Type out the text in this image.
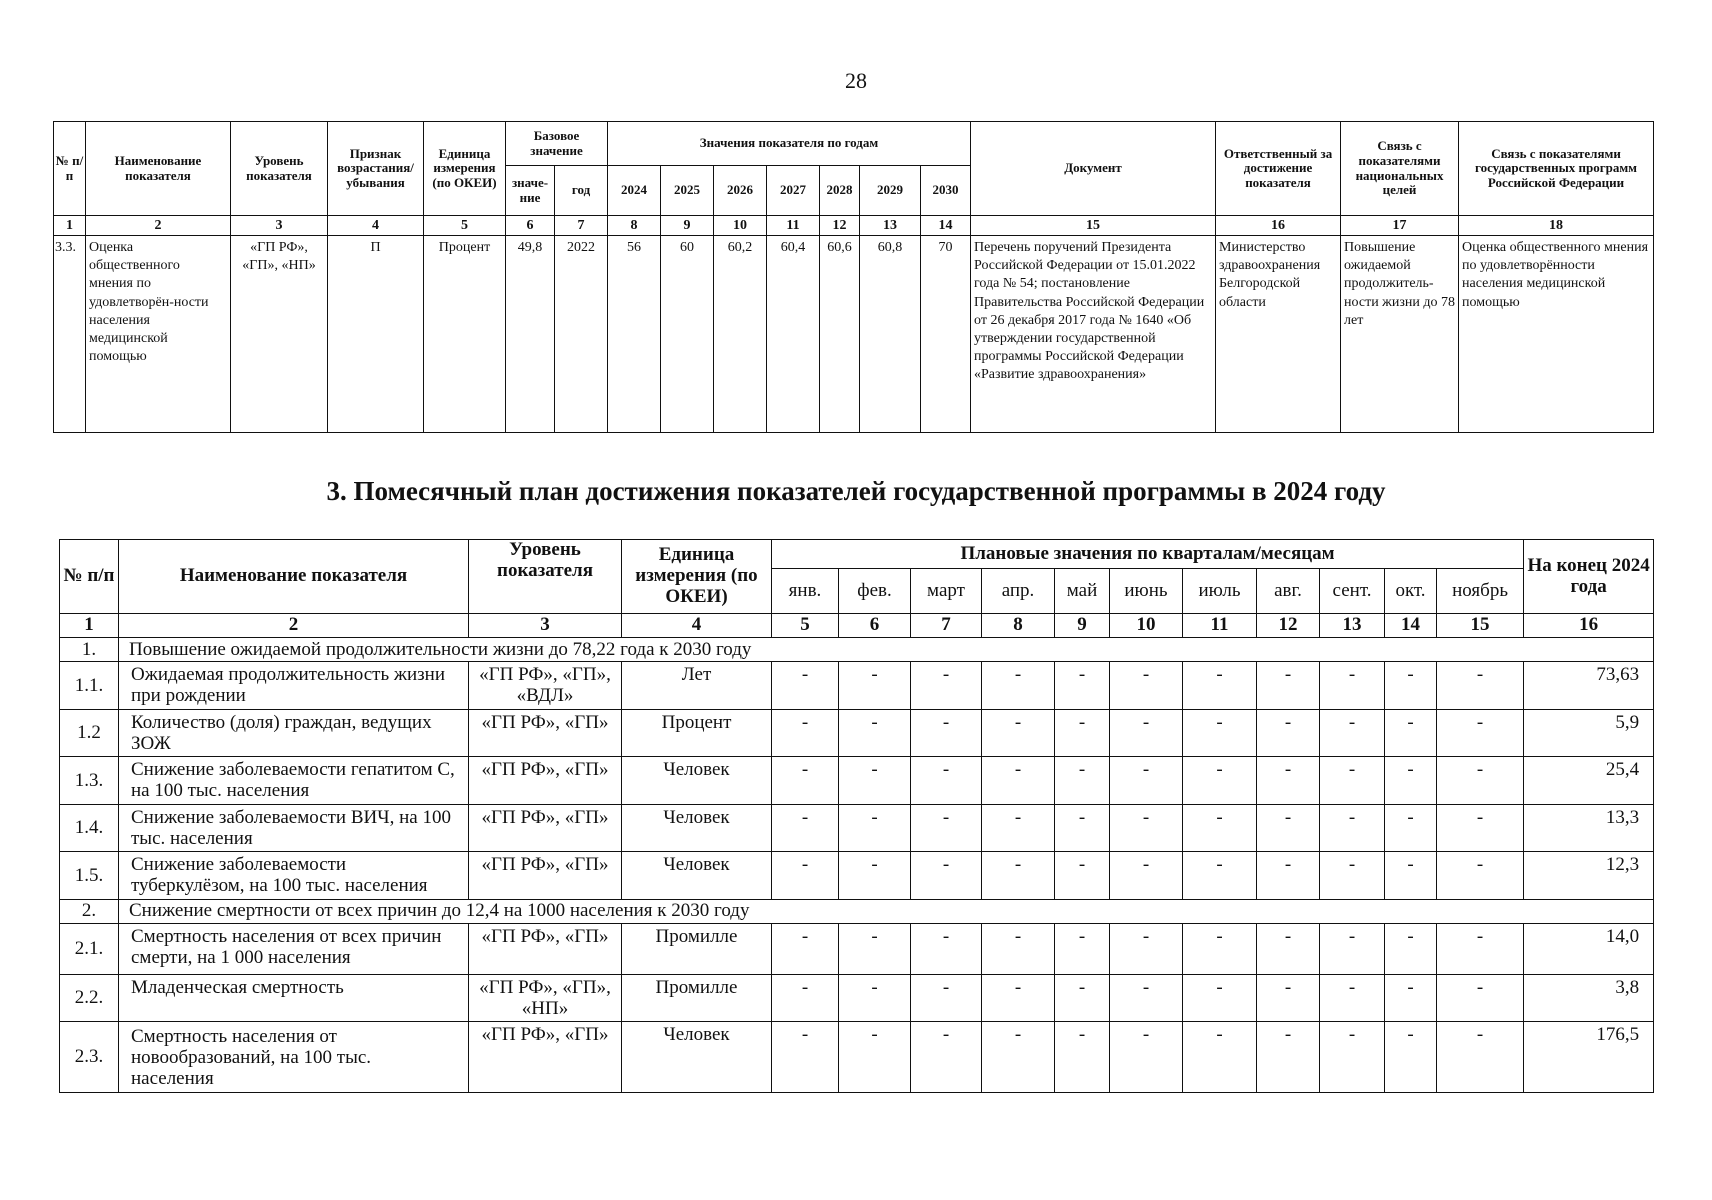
28
№ п/п	Наименование показателя	Уровень показателя	Признак возрастания/ убывания	Единица измерения (по ОКЕИ)	Базовое значение		Значения показателя по годам							Документ	Ответственный за достижение показателя	Связь с показателями национальных целей	Связь с показателями государственных программ Российской Федерации
					значе-ние	год	2024	2025	2026	2027	2028	2029	2030				
1	2	3	4	5	6	7	8	9	10	11	12	13	14	15	16	17	18
3.3.	Оценка общественного мнения по удовлетворён-ности населения медицинской помощью	«ГП РФ», «ГП», «НП»	П	Процент	49,8	2022	56	60	60,2	60,4	60,6	60,8	70	Перечень поручений Президента Российской Федерации от 15.01.2022 года № 54; постановление Правительства Российской Федерации от 26 декабря 2017 года № 1640 «Об утверждении государственной программы Российской Федерации «Развитие здравоохранения»	Министерство здравоохранения Белгородской области	Повышение ожидаемой продолжитель-ности жизни до 78 лет	Оценка общественного мнения по удовлетворённости населения медицинской помощью
3. Помесячный план достижения показателей государственной программы в 2024 году
№ п/п	Наименование показателя	Уровень показателя	Единица измерения (по ОКЕИ)	Плановые значения по кварталам/месяцам											На конец 2024 года
				янв.	фев.	март	апр.	май	июнь	июль	авг.	сент.	окт.	ноябрь	
1	2	3	4	5	6	7	8	9	10	11	12	13	14	15	16
1.	Повышение ожидаемой продолжительности жизни до 78,22 года к 2030 году														
1.1.	Ожидаемая продолжительность жизни при рождении	«ГП РФ», «ГП», «ВДЛ»	Лет	-	-	-	-	-	-	-	-	-	-	-	73,63
1.2	Количество (доля) граждан, ведущих ЗОЖ	«ГП РФ», «ГП»	Процент	-	-	-	-	-	-	-	-	-	-	-	5,9
1.3.	Снижение заболеваемости гепатитом С, на 100 тыс. населения	«ГП РФ», «ГП»	Человек	-	-	-	-	-	-	-	-	-	-	-	25,4
1.4.	Снижение заболеваемости ВИЧ, на 100 тыс. населения	«ГП РФ», «ГП»	Человек	-	-	-	-	-	-	-	-	-	-	-	13,3
1.5.	Снижение заболеваемости туберкулёзом, на 100 тыс. населения	«ГП РФ», «ГП»	Человек	-	-	-	-	-	-	-	-	-	-	-	12,3
2.	Снижение смертности от всех причин до 12,4 на 1000 населения к 2030 году														
2.1.	Смертность населения от всех причин смерти, на 1 000 населения	«ГП РФ», «ГП»	Промилле	-	-	-	-	-	-	-	-	-	-	-	14,0
2.2.	Младенческая смертность	«ГП РФ», «ГП», «НП»	Промилле	-	-	-	-	-	-	-	-	-	-	-	3,8
2.3.	Смертность населения от новообразований, на 100 тыс. населения	«ГП РФ», «ГП»	Человек	-	-	-	-	-	-	-	-	-	-	-	176,5
